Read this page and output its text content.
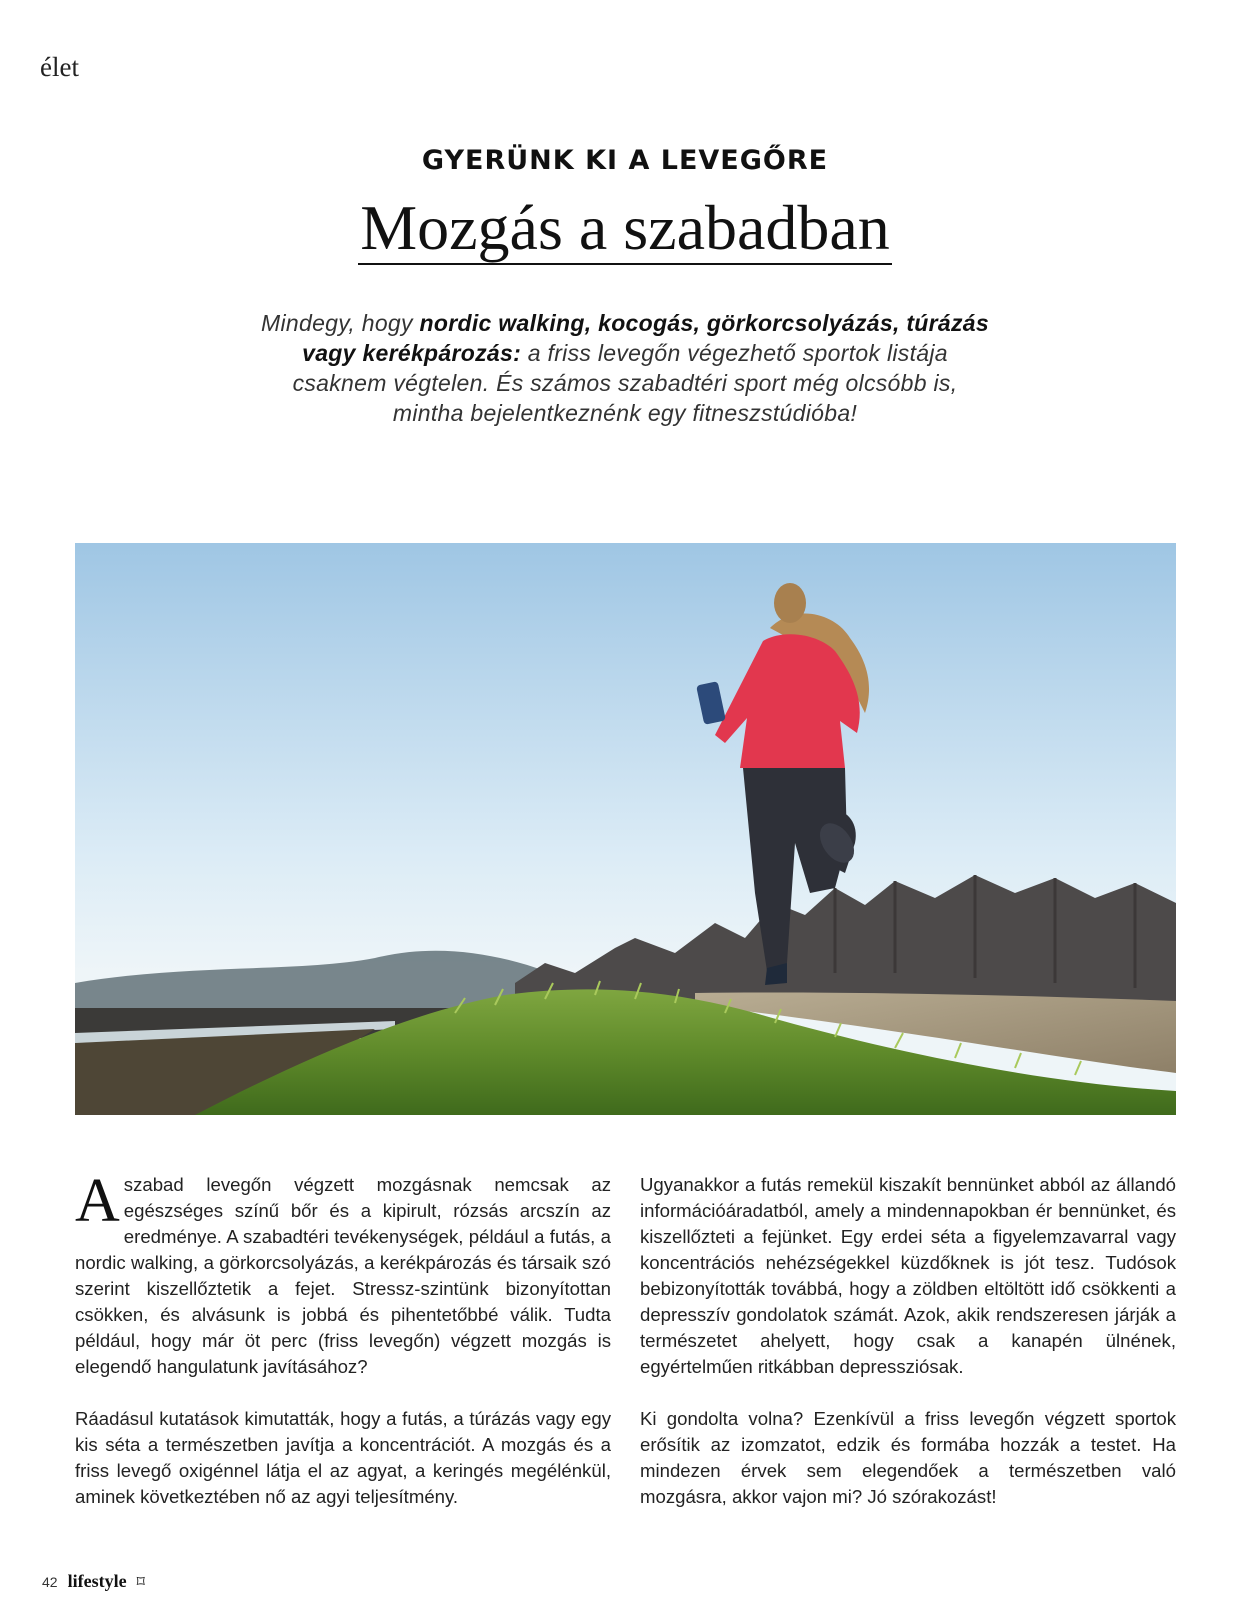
élet
GYERÜNK KI A LEVEGŐRE
Mozgás a szabadban
Mindegy, hogy nordic walking, kocogás, görkorcsolyázás, túrázás vagy kerékpározás: a friss levegőn végezhető sportok listája csaknem végtelen. És számos szabadtéri sport még olcsóbb is, mintha bejelentkeznénk egy fitneszstúdióba!

A szabad levegőn végzett mozgásnak nemcsak az egészséges színű bőr és a kipirult, rózsás arcszín az eredménye. A szabadtéri tevékenységek, például a futás, a nordic walking, a görkorcsolyázás, a kerékpározás és társaik szó szerint kiszellőztetik a fejet. Stressz-szintünk bizonyítottan csökken, és alvásunk is jobbá és pihentetőbbé válik. Tudta például, hogy már öt perc (friss levegőn) végzett mozgás is elegendő hangulatunk javításához?

Ráadásul kutatások kimutatták, hogy a futás, a túrázás vagy egy kis séta a természetben javítja a koncentrációt. A mozgás és a friss levegő oxigénnel látja el az agyat, a keringés megélénkül, aminek következtében nő az agyi teljesítmény.

Ugyanakkor a futás remekül kiszakít bennünket abból az állandó információáradatból, amely a mindennapokban ér bennünket, és kiszellőzteti a fejünket. Egy erdei séta a figyelemzavarral vagy koncentrációs nehézségekkel küzdőknek is jót tesz. Tudósok bebizonyították továbbá, hogy a zöldben eltöltött idő csökkenti a depresszív gondolatok számát. Azok, akik rendszeresen járják a természetet ahelyett, hogy csak a kanapén ülnének, egyértelműen ritkábban depressziósak.

Ki gondolta volna? Ezenkívül a friss levegőn végzett sportok erősítik az izomzatot, edzik és formába hozzák a testet. Ha mindezen érvek sem elegendőek a természetben való mozgásra, akkor vajon mi? Jó szórakozást!

42 lifestyle ⌑
